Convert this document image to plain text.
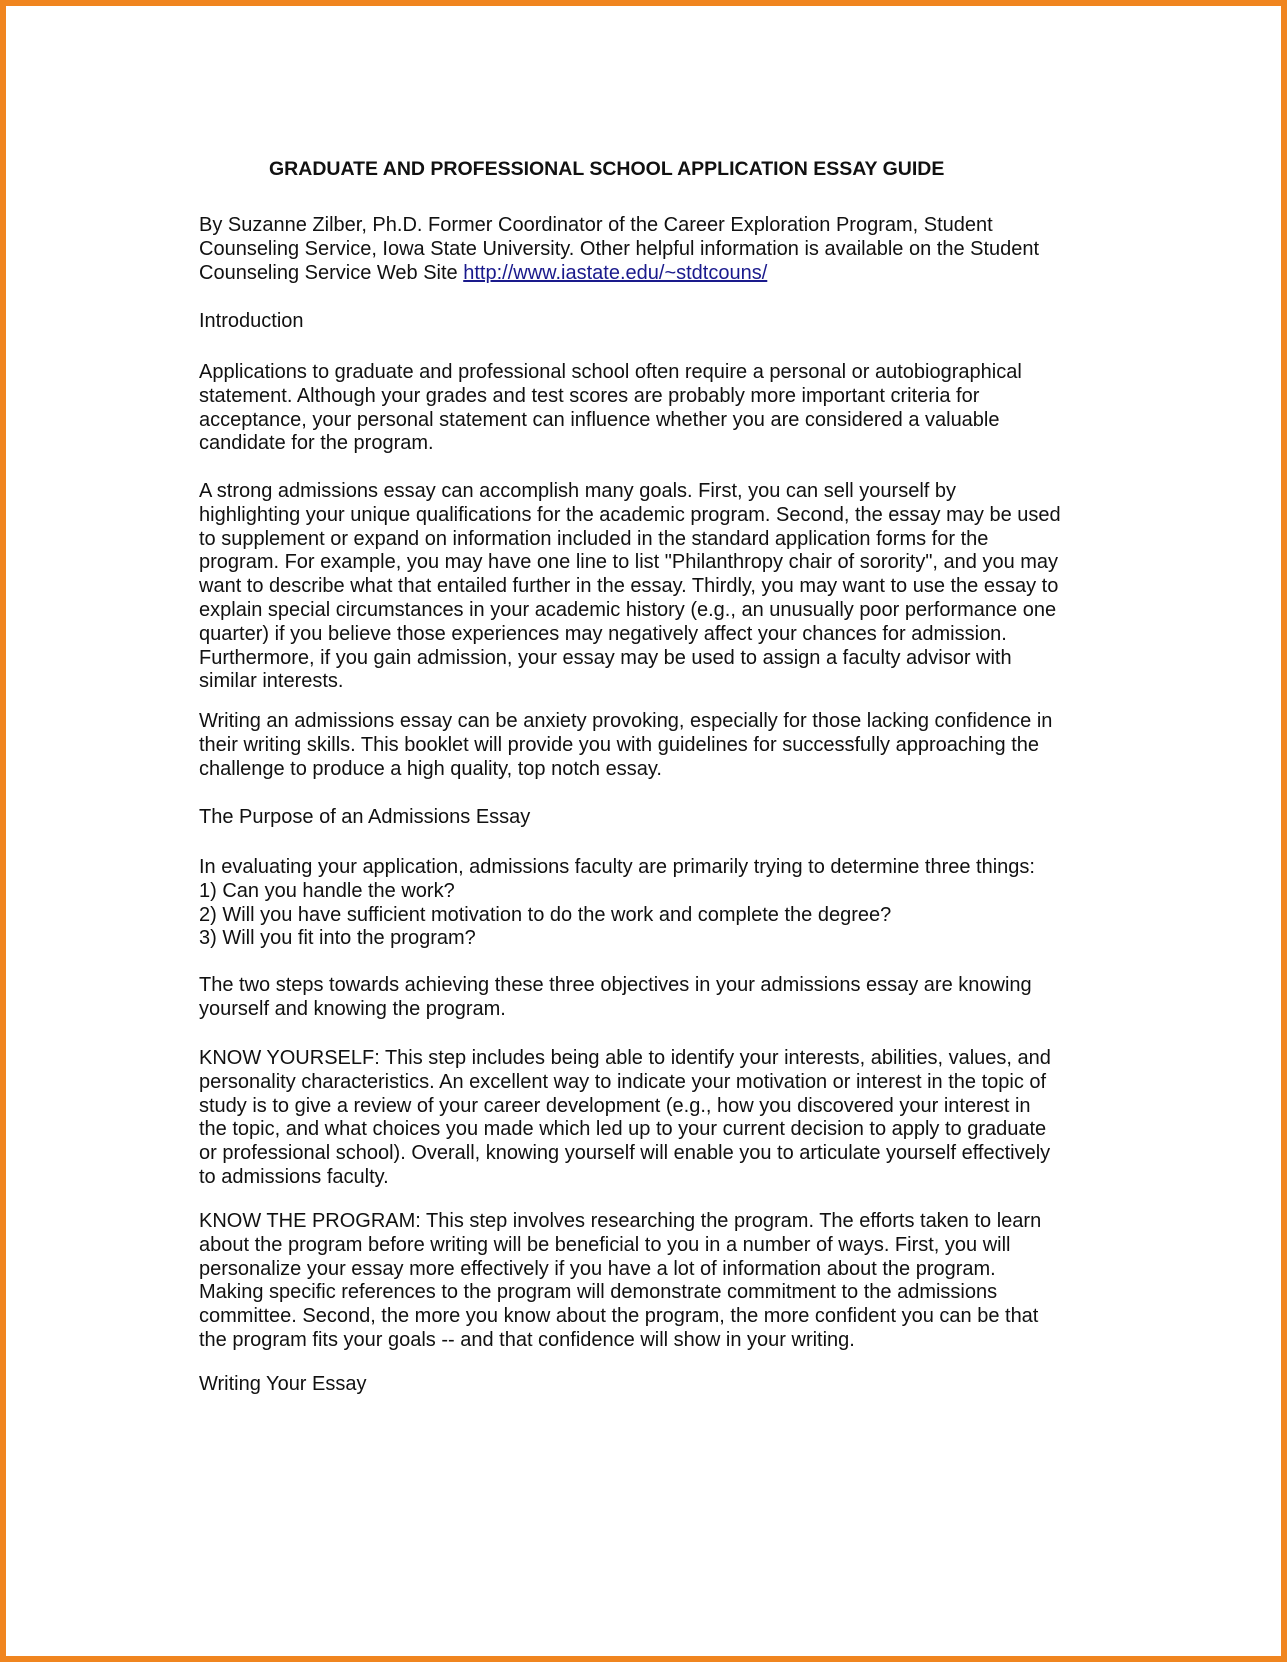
GRADUATE AND PROFESSIONAL SCHOOL APPLICATION ESSAY GUIDE
By Suzanne Zilber, Ph.D. Former Coordinator of the Career Exploration Program, Student
Counseling Service, Iowa State University. Other helpful information is available on the Student
Counseling Service Web Site http://www.iastate.edu/~stdtcouns/
Introduction
Applications to graduate and professional school often require a personal or autobiographical
statement. Although your grades and test scores are probably more important criteria for
acceptance, your personal statement can influence whether you are considered a valuable
candidate for the program.
A strong admissions essay can accomplish many goals. First, you can sell yourself by
highlighting your unique qualifications for the academic program. Second, the essay may be used
to supplement or expand on information included in the standard application forms for the
program. For example, you may have one line to list "Philanthropy chair of sorority", and you may
want to describe what that entailed further in the essay. Thirdly, you may want to use the essay to
explain special circumstances in your academic history (e.g., an unusually poor performance one
quarter) if you believe those experiences may negatively affect your chances for admission.
Furthermore, if you gain admission, your essay may be used to assign a faculty advisor with
similar interests.
Writing an admissions essay can be anxiety provoking, especially for those lacking confidence in
their writing skills. This booklet will provide you with guidelines for successfully approaching the
challenge to produce a high quality, top notch essay.
The Purpose of an Admissions Essay
In evaluating your application, admissions faculty are primarily trying to determine three things:
1) Can you handle the work?
2) Will you have sufficient motivation to do the work and complete the degree?
3) Will you fit into the program?
The two steps towards achieving these three objectives in your admissions essay are knowing
yourself and knowing the program.
KNOW YOURSELF: This step includes being able to identify your interests, abilities, values, and
personality characteristics. An excellent way to indicate your motivation or interest in the topic of
study is to give a review of your career development (e.g., how you discovered your interest in
the topic, and what choices you made which led up to your current decision to apply to graduate
or professional school). Overall, knowing yourself will enable you to articulate yourself effectively
to admissions faculty.
KNOW THE PROGRAM: This step involves researching the program. The efforts taken to learn
about the program before writing will be beneficial to you in a number of ways. First, you will
personalize your essay more effectively if you have a lot of information about the program.
Making specific references to the program will demonstrate commitment to the admissions
committee. Second, the more you know about the program, the more confident you can be that
the program fits your goals -- and that confidence will show in your writing.
Writing Your Essay
